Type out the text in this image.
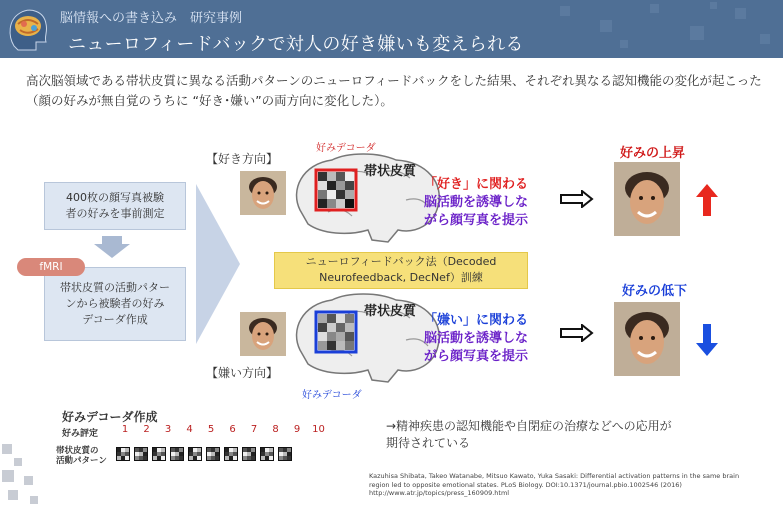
脳情報への書き込み　研究事例
ニューロフィードバックで対人の好き嫌いも変えられる
高次脳領域である帯状皮質に異なる活動パターンのニューロフィードバックをした結果、それぞれ異なる認知機能の変化が起こった
（顔の好みが無自覚のうちに “好き･嫌い”の両方向に変化した）。
400枚の顔写真被験
者の好みを事前測定
帯状皮質の活動パター
ンから被験者の好み
デコーダ作成
fMRI
【好き方向】
好みデコーダ
帯状皮質
「好き」に関わる
脳活動を誘導しな
がら顔写真を提示
好みの上昇
ニューロフィードバック法（Decoded
Neurofeedback, DecNef）訓練
【嫌い方向】
帯状皮質
好みデコーダ
「嫌い」に関わる
脳活動を誘導しな
がら顔写真を提示
好みの低下
好みデコーダ作成
好み評定
帯状皮質の
活動パターン
1	2	3	4	5	6	7	8	9	10	→精神疾患の認知機能や自閉症の治療などへの応用が
期待されている
Kazuhisa Shibata, Takeo Watanabe, Mitsuo Kawato, Yuka Sasaki: Differential activation patterns in the same brain
region led to opposite emotional states. PLoS Biology. DOI:10.1371/journal.pbio.1002546 (2016)
http://www.atr.jp/topics/press_160909.html
